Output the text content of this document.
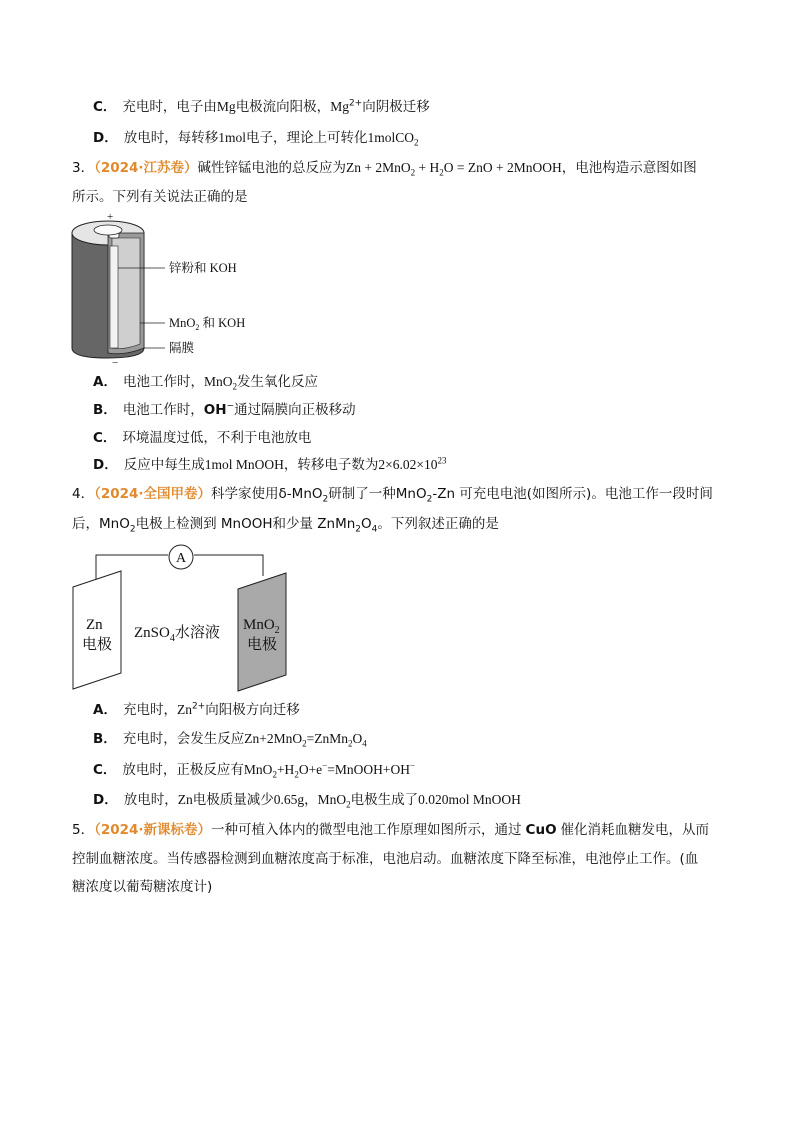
C． 充电时，电子由Mg电极流向阳极，$Mg^{2+}$向阴极迁移
D． 放电时，每转移1mol电子，理论上可转化1molCO$_2$
3．（2024·江苏卷）碱性锌锰电池的总反应为$Zn + 2MnO_2 + H_2O$ = ZnO + 2MnOOH，电池构造示意图如图
所示。下列有关说法正确的是
+
−
锌粉和 KOH
MnO$_2$ 和 KOH
隔膜
A． 电池工作时，MnO$_2$发生氧化反应
B． 电池工作时，OH−通过隔膜向正极移动
C． 环境温度过低，不利于电池放电
D． 反应中每生成1mol MnOOH，转移电子数为$2\times 6.02\times 10^{23}$
4．（2024·全国甲卷）科学家使用δ-MnO$_2$研制了一种MnO$_2$-Zn 可充电电池(如图所示)。电池工作一段时间
后，MnO$_2$电极上检测到 MnOOH和少量 $ZnMn_2O_4$。下列叙述正确的是
A
Zn
电极
ZnSO$_4$水溶液 MnO$_2$
电极
A． 充电时，$Zn^{2+}$向阳极方向迁移
B． 充电时，会发生反应$Zn+2MnO_2=ZnMn_2O_4$
C． 放电时，正极反应有$MnO_2+H_2O+e^-=MnOOH+OH^-$
D． 放电时，Zn电极质量减少0.65g，MnO$_2$电极生成了0.020mol MnOOH
5．（2024·新课标卷）一种可植入体内的微型电池工作原理如图所示，通过 CuO 催化消耗血糖发电，从而
控制血糖浓度。当传感器检测到血糖浓度高于标准，电池启动。血糖浓度下降至标准，电池停止工作。(血
糖浓度以葡萄糖浓度计)
